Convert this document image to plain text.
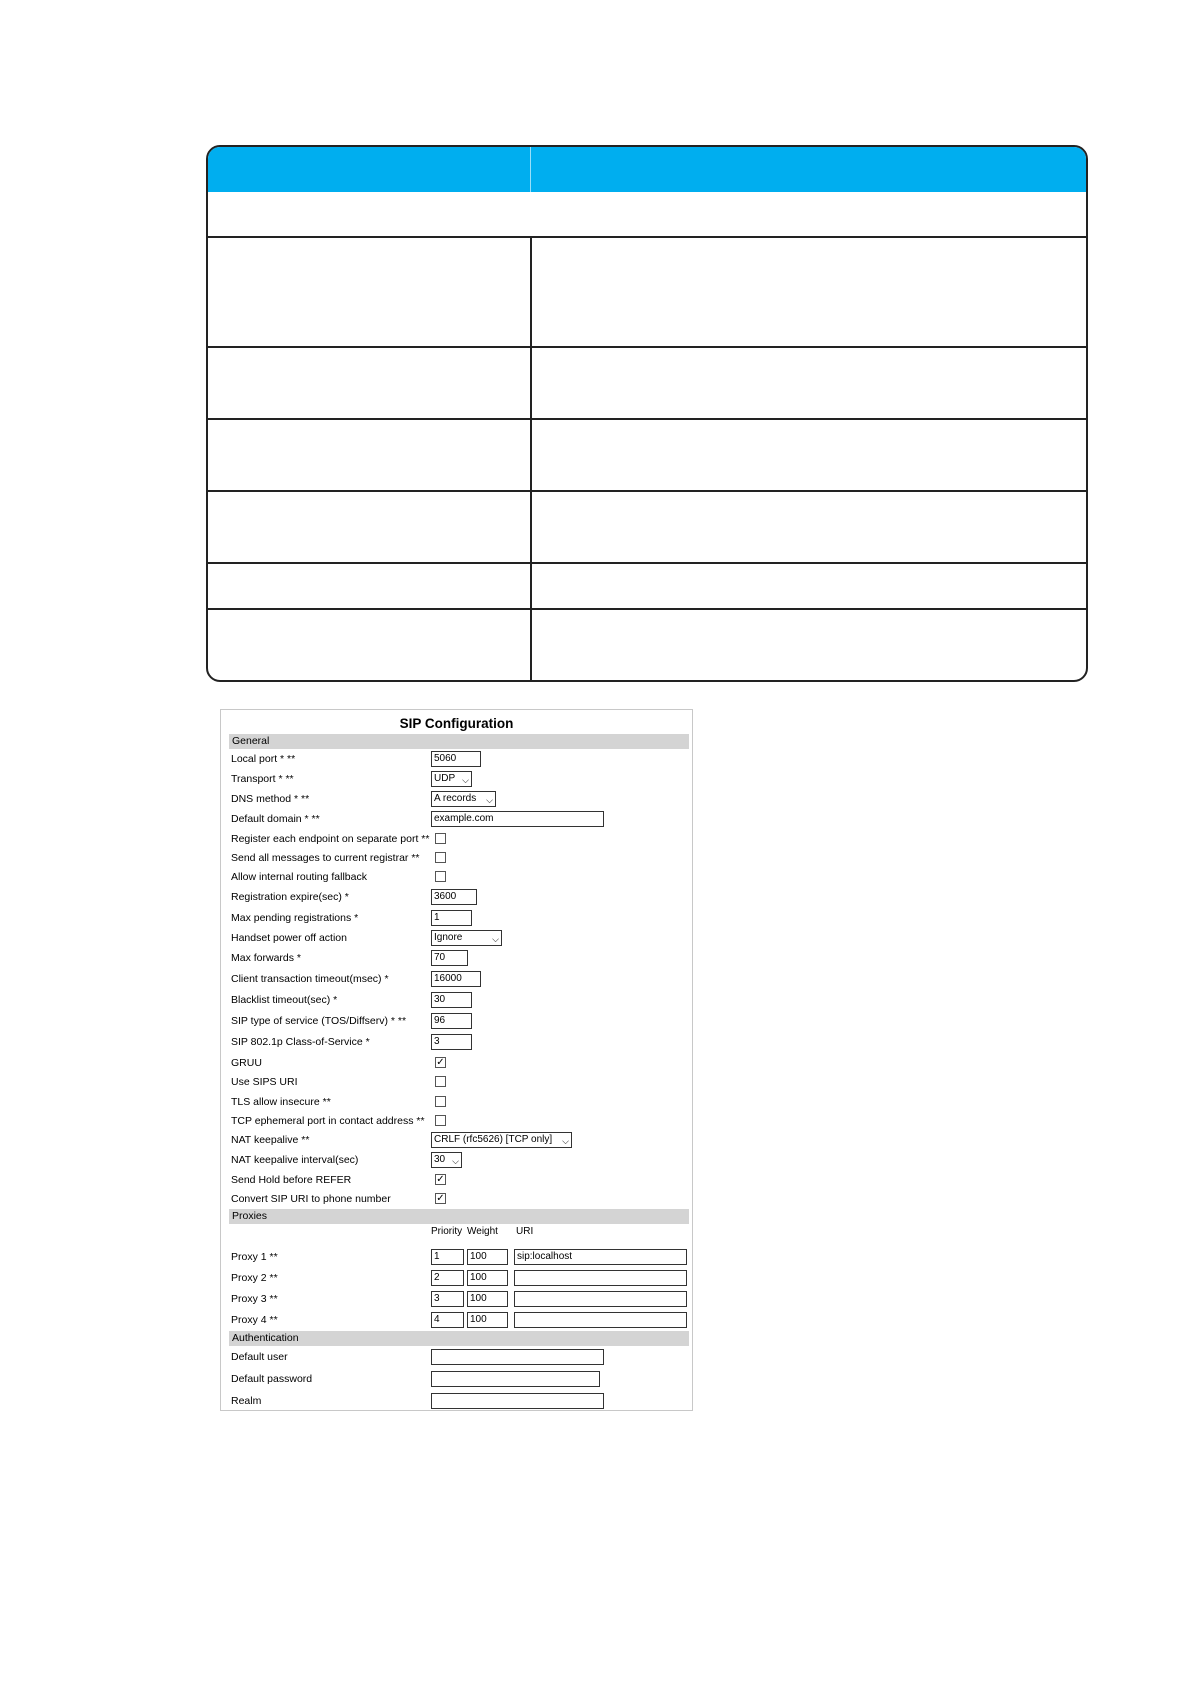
SIP Configuration
General
Local port * **	5060
Transport * **	UDP ⌵
DNS method * **	A records ⌵
Default domain * **	example.com
Register each endpoint on separate port **
Send all messages to current registrar **
Allow internal routing fallback
Registration expire(sec) *	3600
Max pending registrations *	1
Handset power off action	Ignore	⌵
Max forwards *	70
Client transaction timeout(msec) *	16000
Blacklist timeout(sec) *	30
SIP type of service (TOS/Diffserv) * **	96
SIP 802.1p Class-of-Service *	3
GRUU	✓
Use SIPS URI
TLS allow insecure **
TCP ephemeral port in contact address **
NAT keepalive **	CRLF (rfc5626) [TCP only] ⌵
NAT keepalive interval(sec)	30 ⌵
Send Hold before REFER	✓
Convert SIP URI to phone number	✓
Proxies
Priority Weight URI
Proxy 1 **	1	100	sip:localhost
Proxy 2 **	2	100
Proxy 3 **	3	100
Proxy 4 **	4	100
Authentication
Default user
Default password
Realm
